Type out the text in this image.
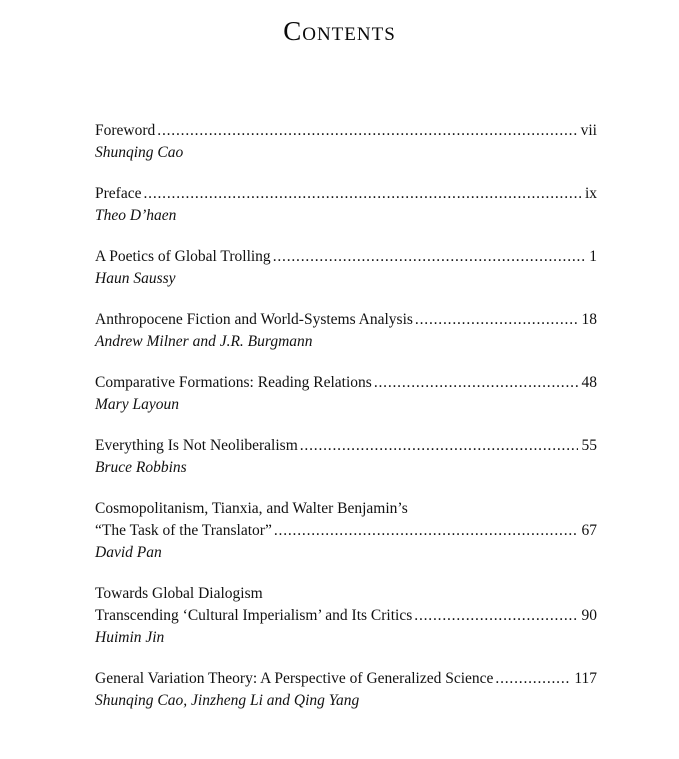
Contents
Foreword .....	vii
Shunqing Cao
Preface .....	ix
Theo D’haen
A Poetics of Global Trolling .....	1
Haun Saussy
Anthropocene Fiction and World-Systems Analysis .....	18
Andrew Milner and J.R. Burgmann
Comparative Formations: Reading Relations .....	48
Mary Layoun
Everything Is Not Neoliberalism .....	55
Bruce Robbins
Cosmopolitanism, Tianxia, and Walter Benjamin’s
“The Task of the Translator” .....	67
David Pan
Towards Global Dialogism
Transcending ‘Cultural Imperialism’ and Its Critics .....	90
Huimin Jin
General Variation Theory: A Perspective of Generalized Science .....	117
Shunqing Cao, Jinzheng Li and Qing Yang
